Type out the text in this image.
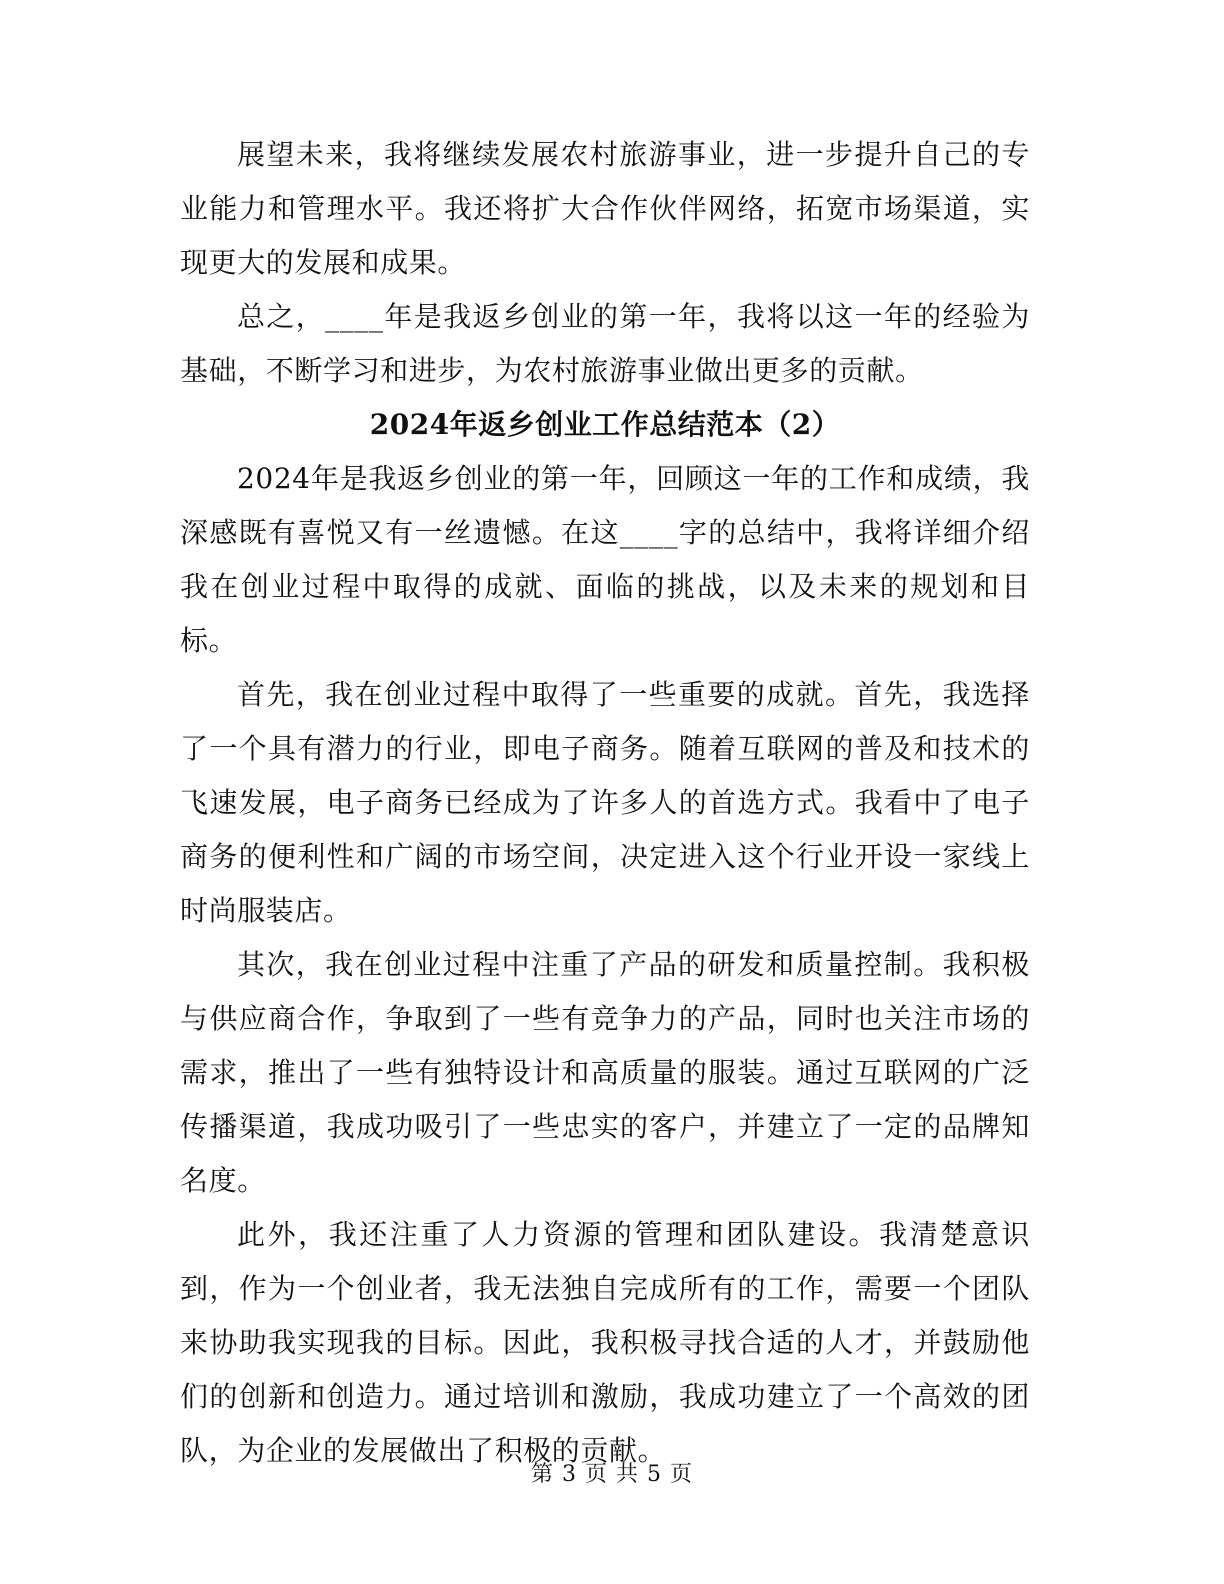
展望未来，我将继续发展农村旅游事业，进一步提升自己的专业能力和管理水平。我还将扩大合作伙伴网络，拓宽市场渠道，实现更大的发展和成果。

总之，____年是我返乡创业的第一年，我将以这一年的经验为基础，不断学习和进步，为农村旅游事业做出更多的贡献。

2024年返乡创业工作总结范本（2）

2024年是我返乡创业的第一年，回顾这一年的工作和成绩，我深感既有喜悦又有一丝遗憾。在这____字的总结中，我将详细介绍我在创业过程中取得的成就、面临的挑战，以及未来的规划和目标。

首先，我在创业过程中取得了一些重要的成就。首先，我选择了一个具有潜力的行业，即电子商务。随着互联网的普及和技术的飞速发展，电子商务已经成为了许多人的首选方式。我看中了电子商务的便利性和广阔的市场空间，决定进入这个行业开设一家线上时尚服装店。

其次，我在创业过程中注重了产品的研发和质量控制。我积极与供应商合作，争取到了一些有竞争力的产品，同时也关注市场的需求，推出了一些有独特设计和高质量的服装。通过互联网的广泛传播渠道，我成功吸引了一些忠实的客户，并建立了一定的品牌知名度。

此外，我还注重了人力资源的管理和团队建设。我清楚意识到，作为一个创业者，我无法独自完成所有的工作，需要一个团队来协助我实现我的目标。因此，我积极寻找合适的人才，并鼓励他们的创新和创造力。通过培训和激励，我成功建立了一个高效的团队，为企业的发展做出了积极的贡献。

第 3 页 共 5 页
